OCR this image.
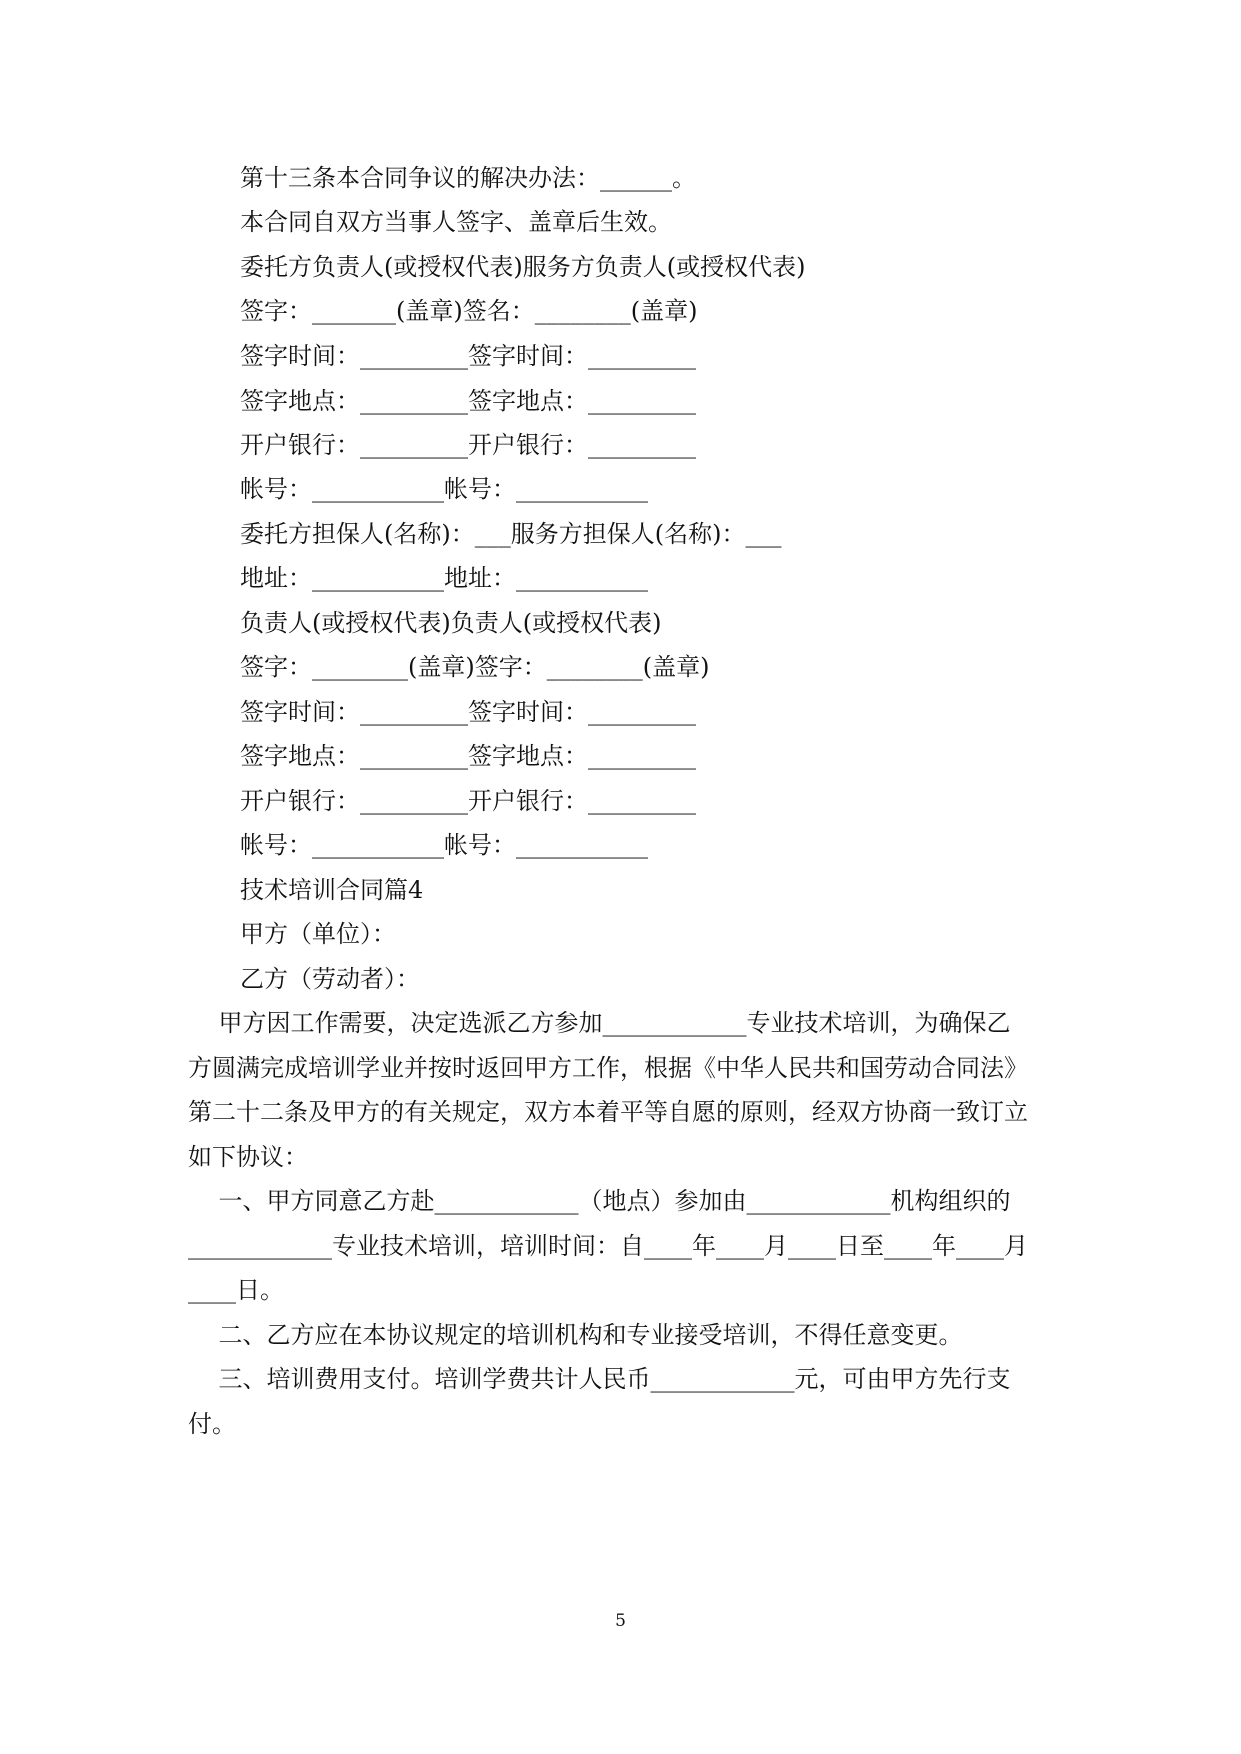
第十三条本合同争议的解决办法：______。
本合同自双方当事人签字、盖章后生效。
委托方负责人(或授权代表)服务方负责人(或授权代表)
签字：_______(盖章)签名：________(盖章)
签字时间：_________签字时间：_________
签字地点：_________签字地点：_________
开户银行：_________开户银行：_________
帐号：___________帐号：___________
委托方担保人(名称)：___服务方担保人(名称)：___
地址：___________地址：___________
负责人(或授权代表)负责人(或授权代表)
签字：________(盖章)签字：________(盖章)
签字时间：_________签字时间：_________
签字地点：_________签字地点：_________
开户银行：_________开户银行：_________
帐号：___________帐号：___________
技术培训合同篇4
甲方（单位）：
乙方（劳动者）：
甲方因工作需要，决定选派乙方参加____________专业技术培训，为确保乙
方圆满完成培训学业并按时返回甲方工作，根据《中华人民共和国劳动合同法》
第二十二条及甲方的有关规定，双方本着平等自愿的原则，经双方协商一致订立
如下协议：
一、甲方同意乙方赴____________（地点）参加由____________机构组织的
____________专业技术培训，培训时间：自____年____月____日至____年____月
____日。
二、乙方应在本协议规定的培训机构和专业接受培训，不得任意变更。
三、培训费用支付。培训学费共计人民币____________元，可由甲方先行支
付。
5
